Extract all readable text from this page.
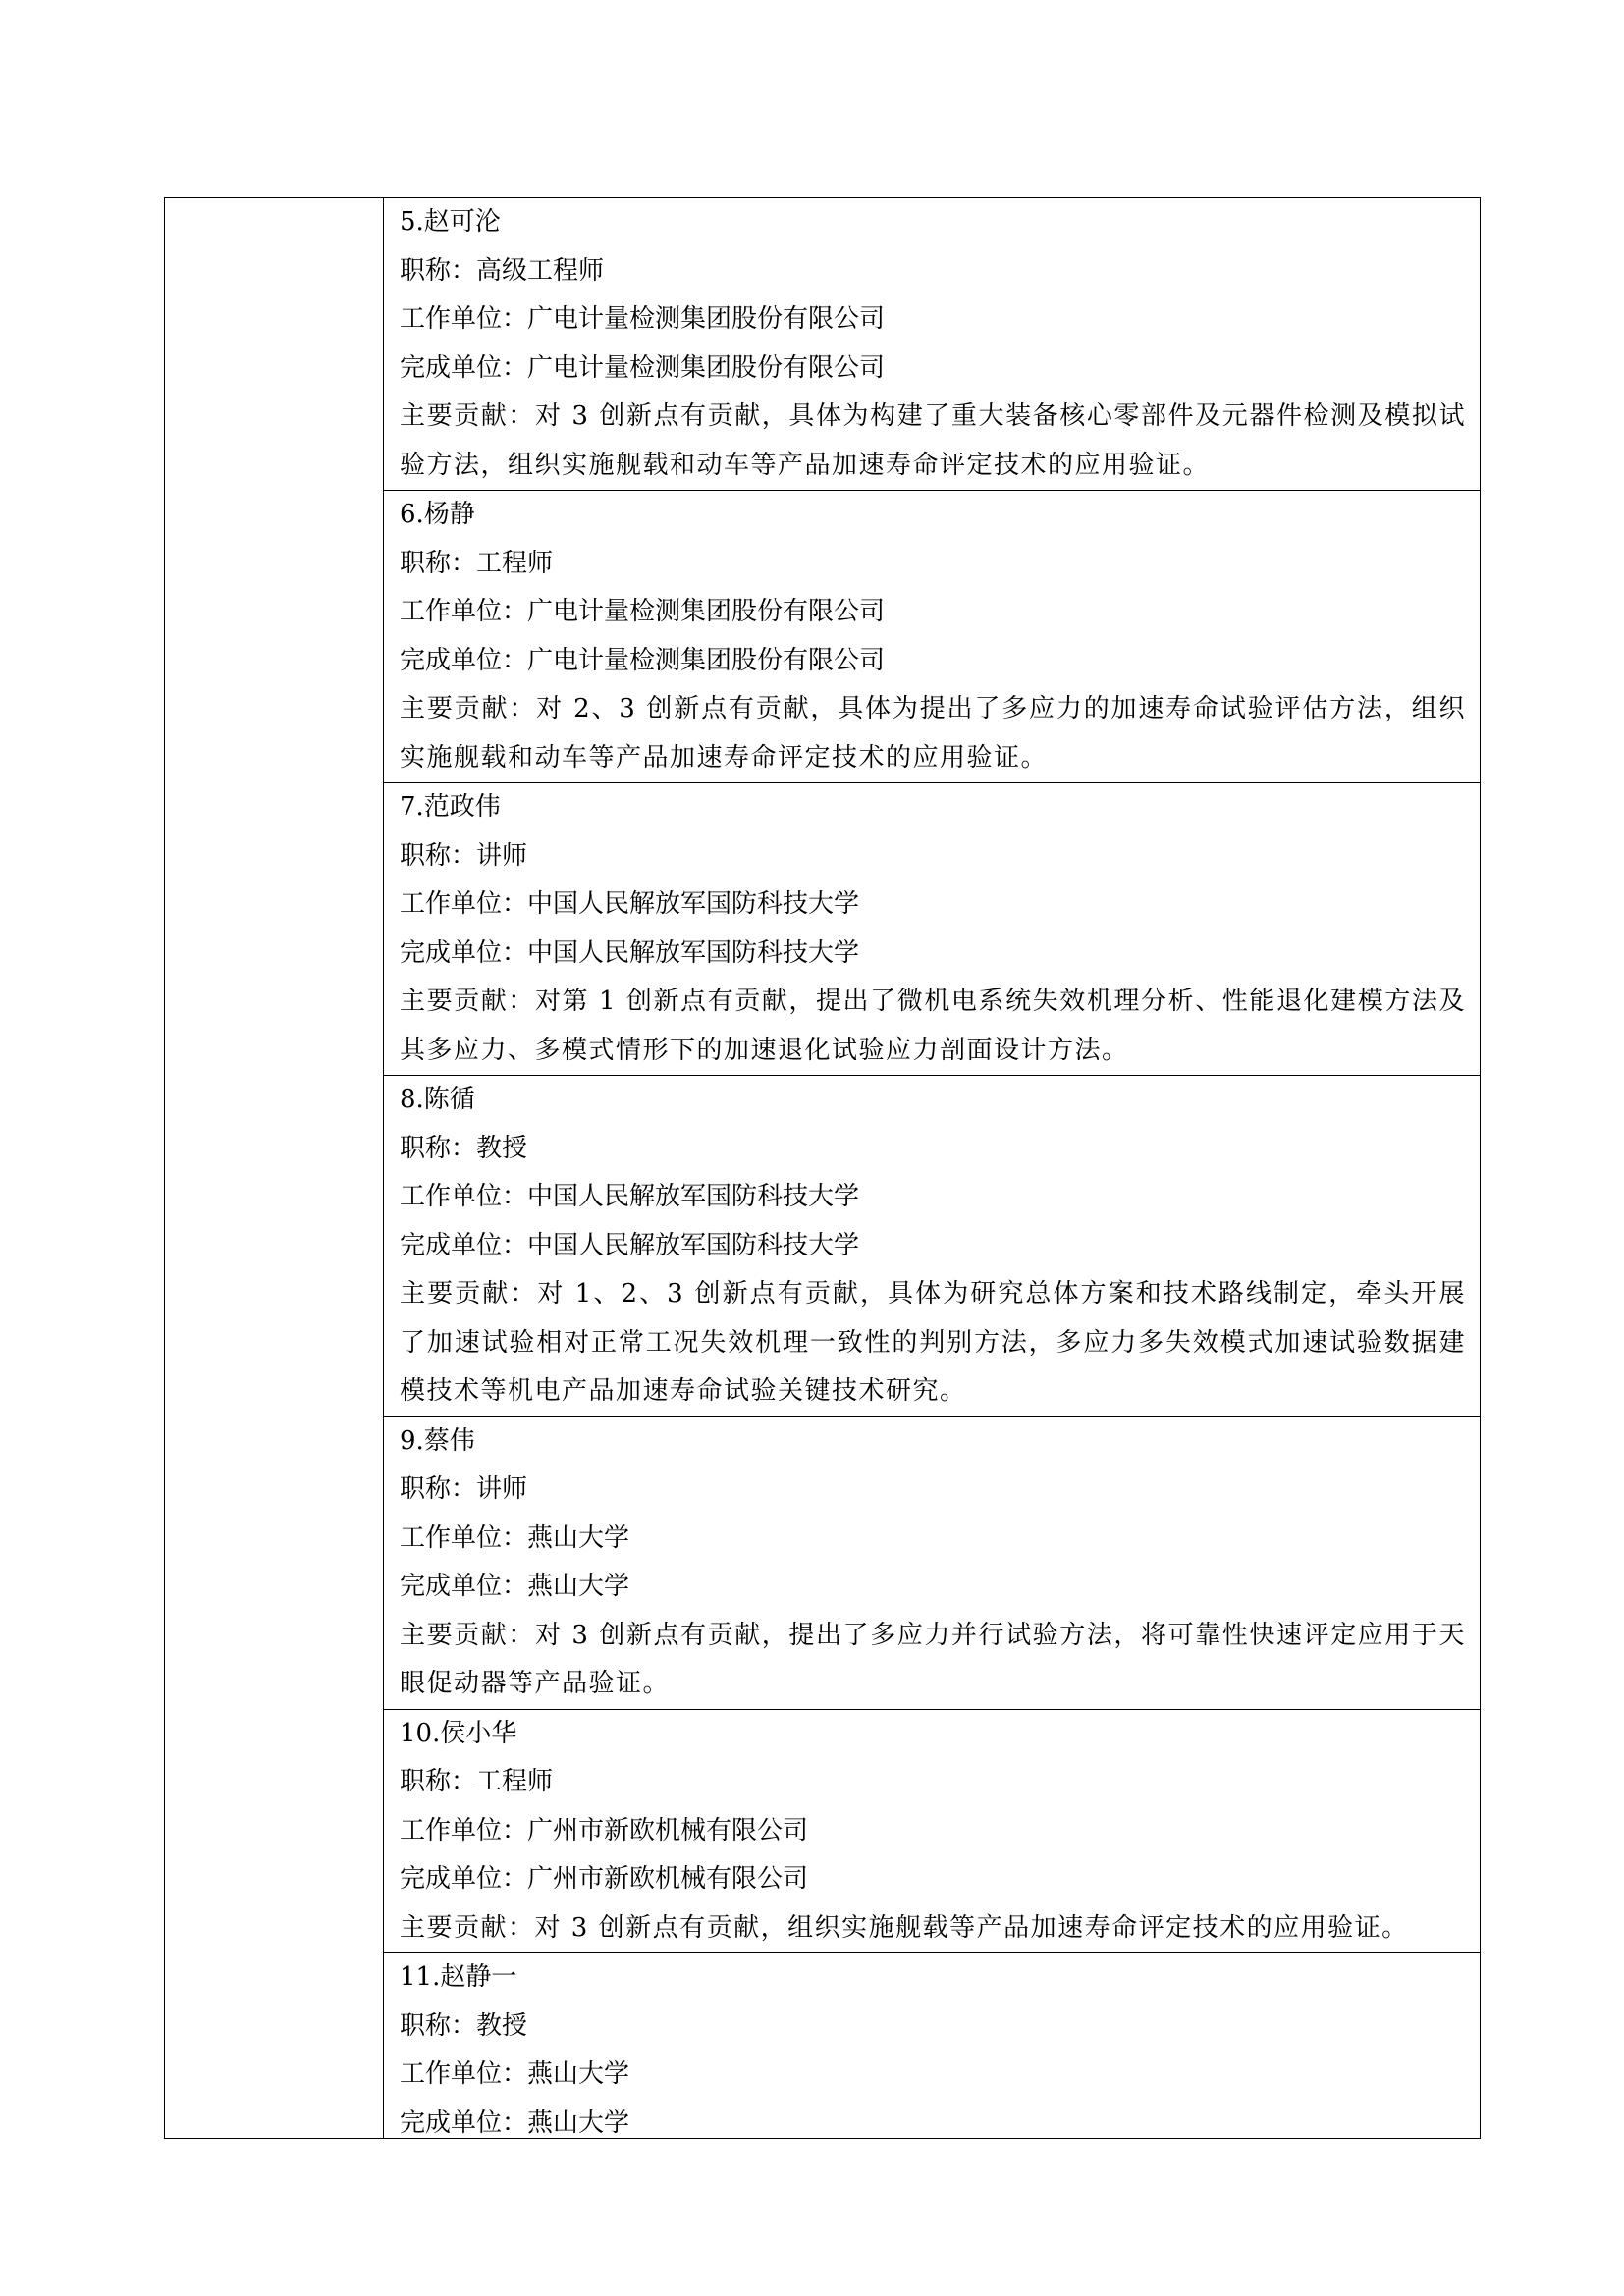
5.赵可沦
职称：高级工程师
工作单位：广电计量检测集团股份有限公司
完成单位：广电计量检测集团股份有限公司
主要贡献：对 3 创新点有贡献，具体为构建了重大装备核心零部件及元器件检测及模拟试验方法，组织实施舰载和动车等产品加速寿命评定技术的应用验证。
6.杨静
职称：工程师
工作单位：广电计量检测集团股份有限公司
完成单位：广电计量检测集团股份有限公司
主要贡献：对 2、3 创新点有贡献，具体为提出了多应力的加速寿命试验评估方法，组织实施舰载和动车等产品加速寿命评定技术的应用验证。
7.范政伟
职称：讲师
工作单位：中国人民解放军国防科技大学
完成单位：中国人民解放军国防科技大学
主要贡献：对第 1 创新点有贡献，提出了微机电系统失效机理分析、性能退化建模方法及其多应力、多模式情形下的加速退化试验应力剖面设计方法。
8.陈循
职称：教授
工作单位：中国人民解放军国防科技大学
完成单位：中国人民解放军国防科技大学
主要贡献：对 1、2、3 创新点有贡献，具体为研究总体方案和技术路线制定，牵头开展了加速试验相对正常工况失效机理一致性的判别方法，多应力多失效模式加速试验数据建模技术等机电产品加速寿命试验关键技术研究。
9.蔡伟
职称：讲师
工作单位：燕山大学
完成单位：燕山大学
主要贡献：对 3 创新点有贡献，提出了多应力并行试验方法，将可靠性快速评定应用于天眼促动器等产品验证。
10.侯小华
职称：工程师
工作单位：广州市新欧机械有限公司
完成单位：广州市新欧机械有限公司
主要贡献：对 3 创新点有贡献，组织实施舰载等产品加速寿命评定技术的应用验证。
11.赵静一
职称：教授
工作单位：燕山大学
完成单位：燕山大学
